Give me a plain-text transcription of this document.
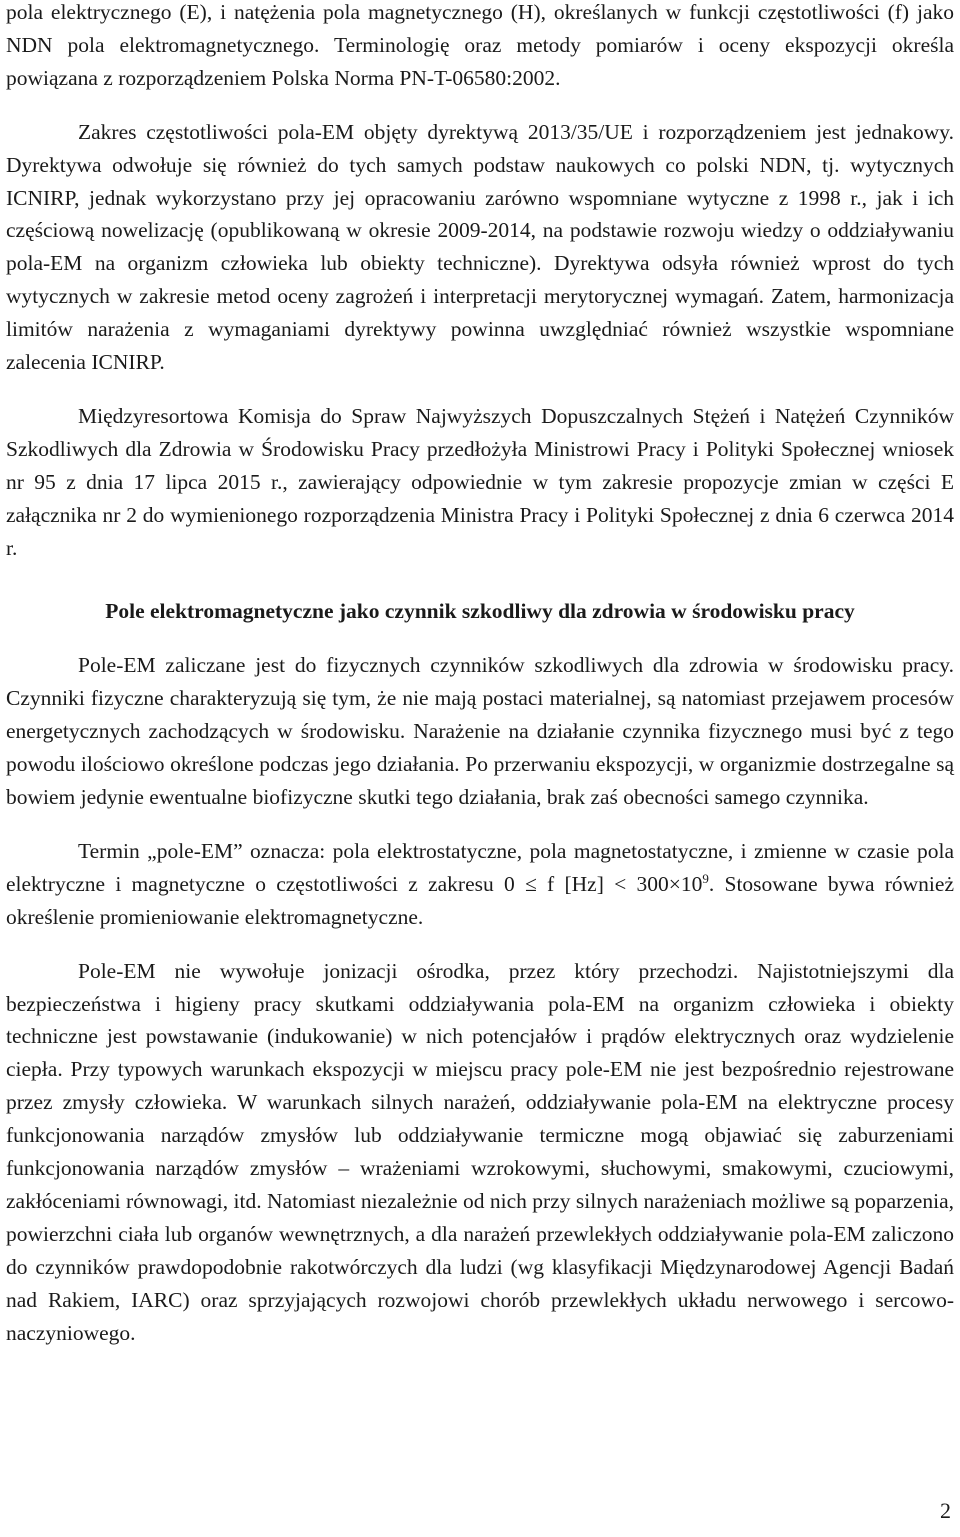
pola elektrycznego (E), i natężenia pola magnetycznego (H), określanych w funkcji częstotliwości (f) jako NDN pola elektromagnetycznego. Terminologię oraz metody pomiarów i oceny ekspozycji określa powiązana z rozporządzeniem Polska Norma PN-T-06580:2002.

Zakres częstotliwości pola-EM objęty dyrektywą 2013/35/UE i rozporządzeniem jest jednakowy. Dyrektywa odwołuje się również do tych samych podstaw naukowych co polski NDN, tj. wytycznych ICNIRP, jednak wykorzystano przy jej opracowaniu zarówno wspomniane wytyczne z 1998 r., jak i ich częściową nowelizację (opublikowaną w okresie 2009-2014, na podstawie rozwoju wiedzy o oddziaływaniu pola-EM na organizm człowieka lub obiekty techniczne). Dyrektywa odsyła również wprost do tych wytycznych w zakresie metod oceny zagrożeń i interpretacji merytorycznej wymagań. Zatem, harmonizacja limitów narażenia z wymaganiami dyrektywy powinna uwzględniać również wszystkie wspomniane zalecenia ICNIRP.

Międzyresortowa Komisja do Spraw Najwyższych Dopuszczalnych Stężeń i Natężeń Czynników Szkodliwych dla Zdrowia w Środowisku Pracy przedłożyła Ministrowi Pracy i Polityki Społecznej wniosek nr 95 z dnia 17 lipca 2015 r., zawierający odpowiednie w tym zakresie propozycje zmian w części E załącznika nr 2 do wymienionego rozporządzenia Ministra Pracy i Polityki Społecznej z dnia 6 czerwca 2014 r.

Pole elektromagnetyczne jako czynnik szkodliwy dla zdrowia w środowisku pracy

Pole-EM zaliczane jest do fizycznych czynników szkodliwych dla zdrowia w środowisku pracy. Czynniki fizyczne charakteryzują się tym, że nie mają postaci materialnej, są natomiast przejawem procesów energetycznych zachodzących w środowisku. Narażenie na działanie czynnika fizycznego musi być z tego powodu ilościowo określone podczas jego działania. Po przerwaniu ekspozycji, w organizmie dostrzegalne są bowiem jedynie ewentualne biofizyczne skutki tego działania, brak zaś obecności samego czynnika.

Termin „pole-EM” oznacza: pola elektrostatyczne, pola magnetostatyczne, i zmienne w czasie pola elektryczne i magnetyczne o częstotliwości z zakresu 0 ≤ f $[Hz] < 300\times 10^9$. Stosowane bywa również określenie promieniowanie elektromagnetyczne.

Pole-EM nie wywołuje jonizacji ośrodka, przez który przechodzi. Najistotniejszymi dla bezpieczeństwa i higieny pracy skutkami oddziaływania pola-EM na organizm człowieka i obiekty techniczne jest powstawanie (indukowanie) w nich potencjałów i prądów elektrycznych oraz wydzielenie ciepła. Przy typowych warunkach ekspozycji w miejscu pracy pole-EM nie jest bezpośrednio rejestrowane przez zmysły człowieka. W warunkach silnych narażeń, oddziaływanie pola-EM na elektryczne procesy funkcjonowania narządów zmysłów lub oddziaływanie termiczne mogą objawiać się zaburzeniami funkcjonowania narządów zmysłów – wrażeniami wzrokowymi, słuchowymi, smakowymi, czuciowymi, zakłóceniami równowagi, itd. Natomiast niezależnie od nich przy silnych narażeniach możliwe są poparzenia, powierzchni ciała lub organów wewnętrznych, a dla narażeń przewlekłych oddziaływanie pola-EM zaliczono do czynników prawdopodobnie rakotwórczych dla ludzi (wg klasyfikacji Międzynarodowej Agencji Badań nad Rakiem, IARC) oraz sprzyjających rozwojowi chorób przewlekłych układu nerwowego i sercowo-naczyniowego.

2
